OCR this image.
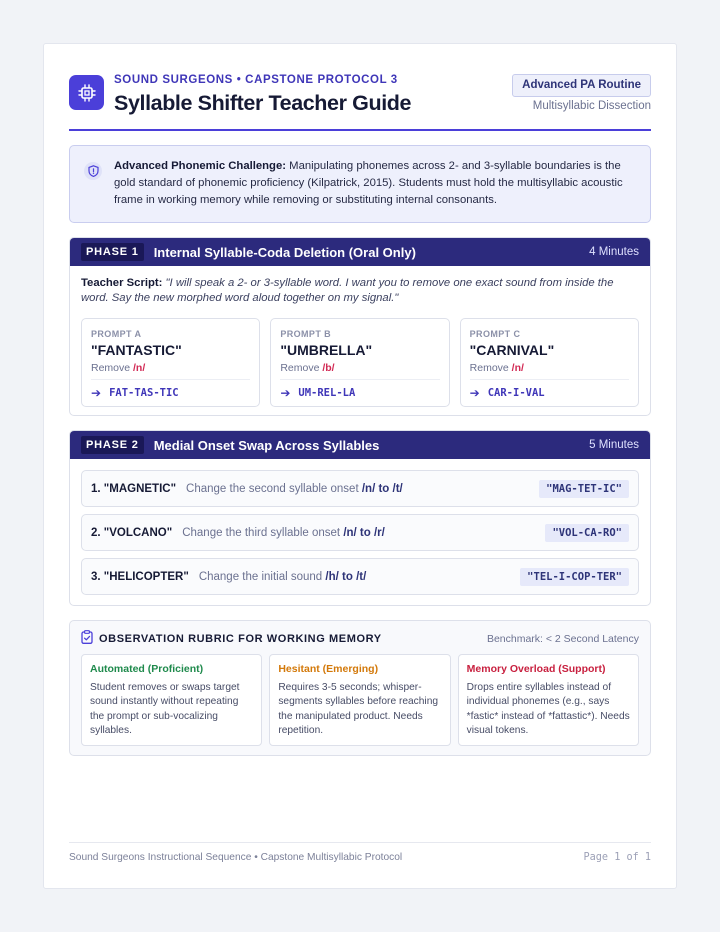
SOUND SURGEONS • CAPSTONE PROTOCOL 3
Syllable Shifter Teacher Guide
Advanced PA Routine
Multisyllabic Dissection

Advanced Phonemic Challenge: Manipulating phonemes across 2- and 3-syllable boundaries is the gold standard of phonemic proficiency (Kilpatrick, 2015). Students must hold the multisyllabic acoustic frame in working memory while removing or substituting internal consonants.

PHASE 1	Internal Syllable-Coda Deletion (Oral Only)	4 Minutes
Teacher Script: "I will speak a 2- or 3-syllable word. I want you to remove one exact sound from inside the word. Say the new morphed word aloud together on my signal."
PROMPT A
"FANTASTIC"
Remove /n/
➔ FAT-TAS-TIC
PROMPT B
"UMBRELLA"
Remove /b/
➔ UM-REL-LA
PROMPT C
"CARNIVAL"
Remove /n/
➔ CAR-I-VAL
PHASE 2	Medial Onset Swap Across Syllables	5 Minutes
1. "MAGNETIC" Change the second syllable onset /n/ to /t/	"MAG-TET-IC"
2. "VOLCANO" Change the third syllable onset /n/ to /r/	"VOL-CA-RO"
3. "HELICOPTER" Change the initial sound /h/ to /t/	"TEL-I-COP-TER"
OBSERVATION RUBRIC FOR WORKING MEMORY	Benchmark: < 2 Second Latency
Automated (Proficient)

Student removes or swaps target sound instantly without repeating the prompt or sub-vocalizing syllables.

Hesitant (Emerging)

Requires 3-5 seconds; whisper-segments syllables before reaching the manipulated product. Needs repetition.

Memory Overload (Support)

Drops entire syllables instead of individual phonemes (e.g., says *fastic* instead of *fattastic*). Needs visual tokens.

Sound Surgeons Instructional Sequence • Capstone Multisyllabic Protocol	Page 1 of 1
